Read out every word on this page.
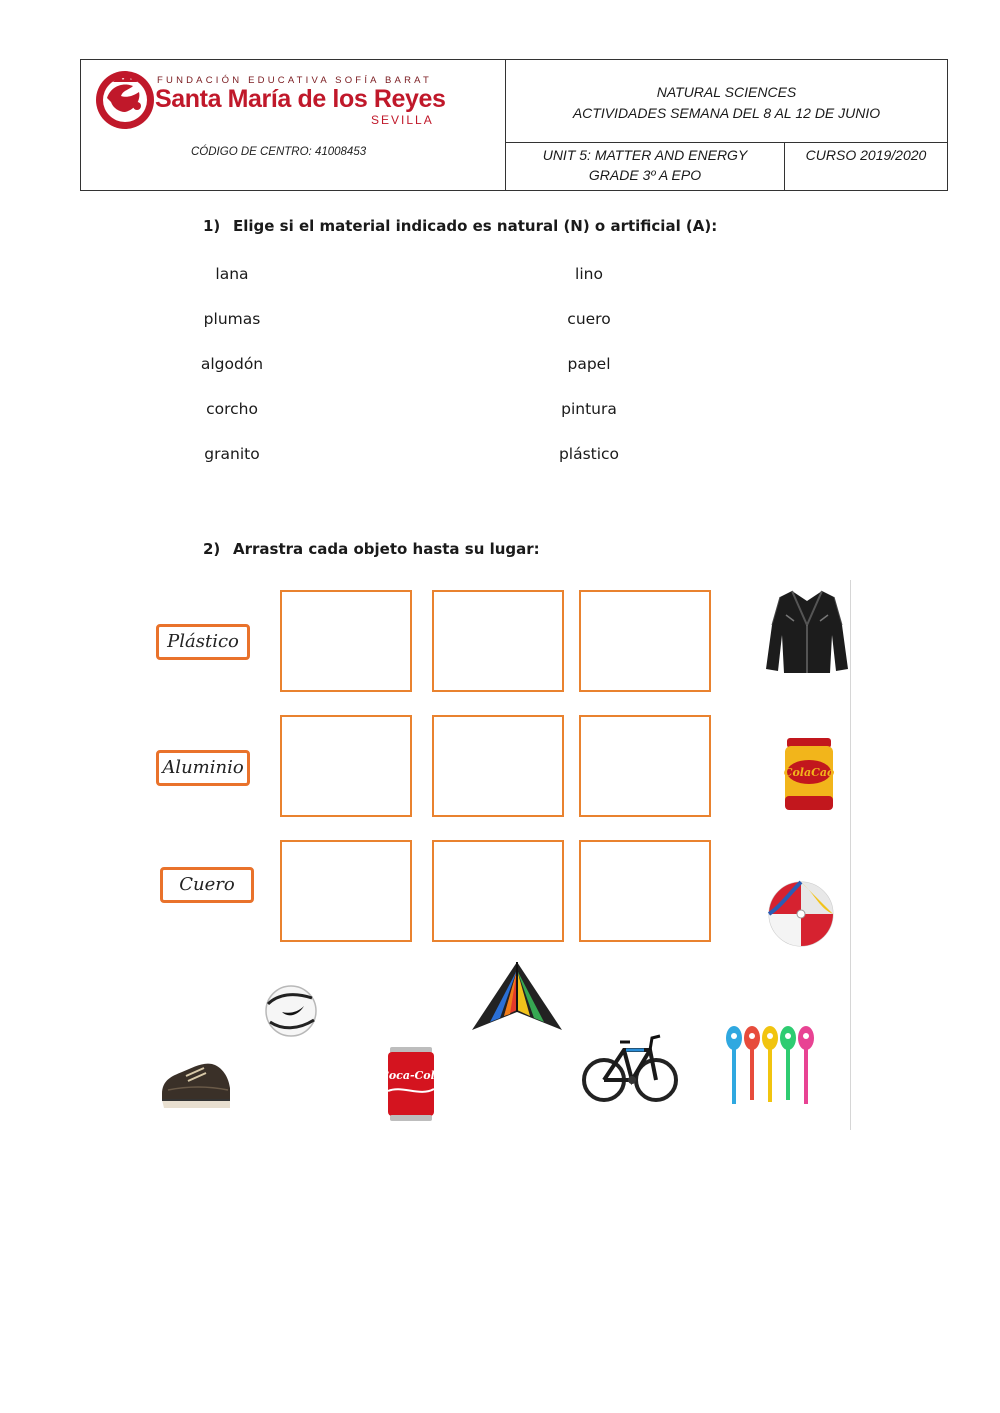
FUNDACIÓN EDUCATIVA SOFÍA BARAT
Santa María de los Reyes
SEVILLA
CÓDIGO DE CENTRO: 41008453
NATURAL SCIENCES
ACTIVIDADES SEMANA DEL 8 AL 12 DE JUNIO
UNIT 5: MATTER AND ENERGY
GRADE 3º A EPO
CURSO 2019/2020
1) Elige si el material indicado es natural (N) o artificial (A):
lana
plumas
algodón
corcho
granito
lino
cuero
papel
pintura
plástico
2) Arrastra cada objeto hasta su lugar:
Plástico
Aluminio
Cuero
ColaCao
Coca-Cola
